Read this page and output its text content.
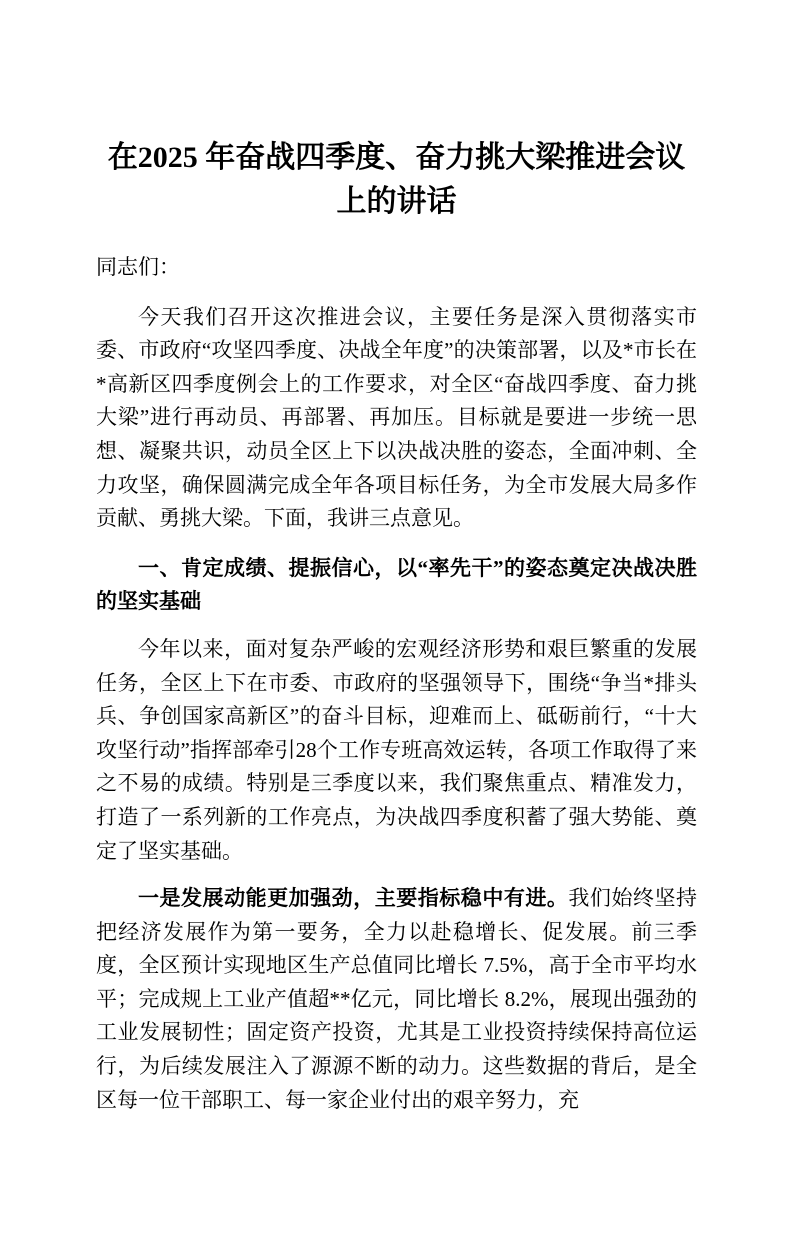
在2025 年奋战四季度、奋力挑大梁推进会议上的讲话

同志们：

今天我们召开这次推进会议，主要任务是深入贯彻落实市委、市政府“攻坚四季度、决战全年度”的决策部署，以及*市长在*高新区四季度例会上的工作要求，对全区“奋战四季度、奋力挑大梁”进行再动员、再部署、再加压。目标就是要进一步统一思想、凝聚共识，动员全区上下以决战决胜的姿态，全面冲刺、全力攻坚，确保圆满完成全年各项目标任务，为全市发展大局多作贡献、勇挑大梁。下面，我讲三点意见。

一、肯定成绩、提振信心，以“率先干”的姿态奠定决战决胜的坚实基础

今年以来，面对复杂严峻的宏观经济形势和艰巨繁重的发展任务，全区上下在市委、市政府的坚强领导下，围绕“争当*排头兵、争创国家高新区”的奋斗目标，迎难而上、砥砺前行，“十大攻坚行动”指挥部牵引28个工作专班高效运转，各项工作取得了来之不易的成绩。特别是三季度以来，我们聚焦重点、精准发力，打造了一系列新的工作亮点，为决战四季度积蓄了强大势能、奠定了坚实基础。

一是发展动能更加强劲，主要指标稳中有进。我们始终坚持把经济发展作为第一要务，全力以赴稳增长、促发展。前三季度，全区预计实现地区生产总值同比增长 7.5%，高于全市平均水平；完成规上工业产值超**亿元，同比增长 8.2%，展现出强劲的工业发展韧性；固定资产投资，尤其是工业投资持续保持高位运行，为后续发展注入了源源不断的动力。这些数据的背后，是全区每一位干部职工、每一家企业付出的艰辛努力，充
